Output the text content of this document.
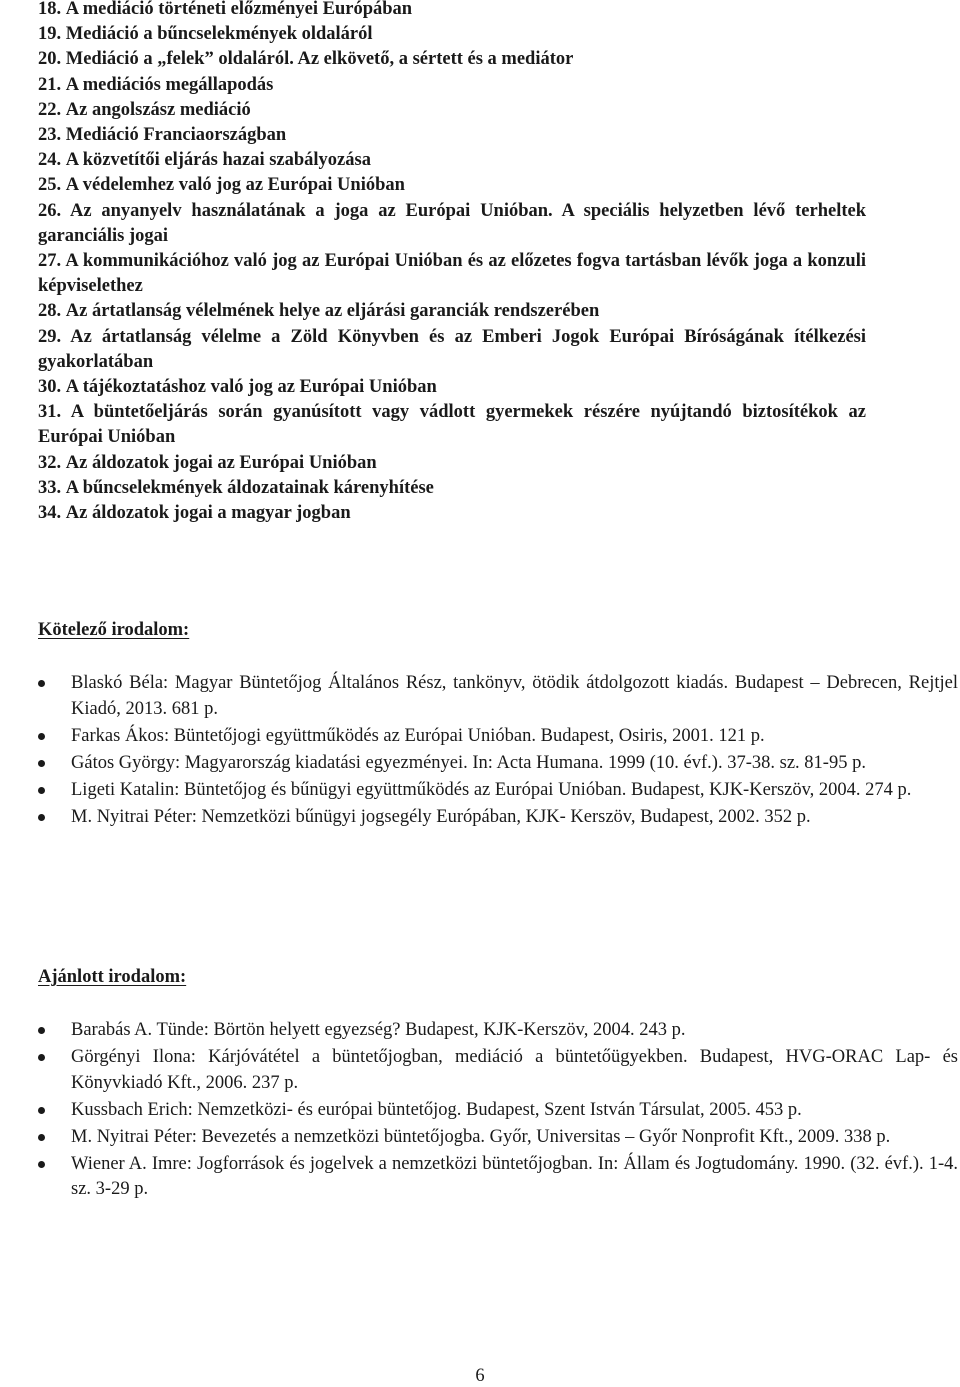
18. A mediáció történeti előzményei Európában
19. Mediáció a bűncselekmények oldaláról
20. Mediáció a „felek” oldaláról. Az elkövető, a sértett és a mediátor
21. A mediációs megállapodás
22. Az angolszász mediáció
23. Mediáció Franciaországban
24. A közvetítői eljárás hazai szabályozása
25. A védelemhez való jog az Európai Unióban
26. Az anyanyelv használatának a joga az Európai Unióban. A speciális helyzetben lévő terheltek garanciális jogai
27. A kommunikációhoz való jog az Európai Unióban és az előzetes fogva tartásban lévők joga a konzuli képviselethez
28. Az ártatlanság vélelmének helye az eljárási garanciák rendszerében
29. Az ártatlanság vélelme a Zöld Könyvben és az Emberi Jogok Európai Bíróságának ítélkezési gyakorlatában
30. A tájékoztatáshoz való jog az Európai Unióban
31. A büntetőeljárás során gyanúsított vagy vádlott gyermekek részére nyújtandó biztosítékok az Európai Unióban
32. Az áldozatok jogai az Európai Unióban
33. A bűncselekmények áldozatainak kárenyhítése
34. Az áldozatok jogai a magyar jogban
Kötelező irodalom:
Blaskó Béla: Magyar Büntetőjog Általános Rész, tankönyv, ötödik átdolgozott kiadás. Budapest – Debrecen, Rejtjel Kiadó, 2013. 681 p.
Farkas Ákos: Büntetőjogi együttműködés az Európai Unióban. Budapest, Osiris, 2001. 121 p.
Gátos György: Magyarország kiadatási egyezményei. In: Acta Humana. 1999 (10. évf.). 37-38. sz. 81-95 p.
Ligeti Katalin: Büntetőjog és bűnügyi együttműködés az Európai Unióban. Budapest, KJK-Kerszöv, 2004. 274 p.
M. Nyitrai Péter: Nemzetközi bűnügyi jogsegély Európában, KJK- Kerszöv, Budapest, 2002. 352 p.
Ajánlott irodalom:
Barabás A. Tünde: Börtön helyett egyezség? Budapest, KJK-Kerszöv, 2004. 243 p.
Görgényi Ilona: Kárjóvátétel a büntetőjogban, mediáció a büntetőügyekben. Budapest, HVG-ORAC Lap- és Könyvkiadó Kft., 2006. 237 p.
Kussbach Erich: Nemzetközi- és európai büntetőjog. Budapest, Szent István Társulat, 2005. 453 p.
M. Nyitrai Péter: Bevezetés a nemzetközi büntetőjogba. Győr, Universitas – Győr Nonprofit Kft., 2009. 338 p.
Wiener A. Imre: Jogforrások és jogelvek a nemzetközi büntetőjogban. In: Állam és Jogtudomány. 1990. (32. évf.). 1-4. sz. 3-29 p.
6
